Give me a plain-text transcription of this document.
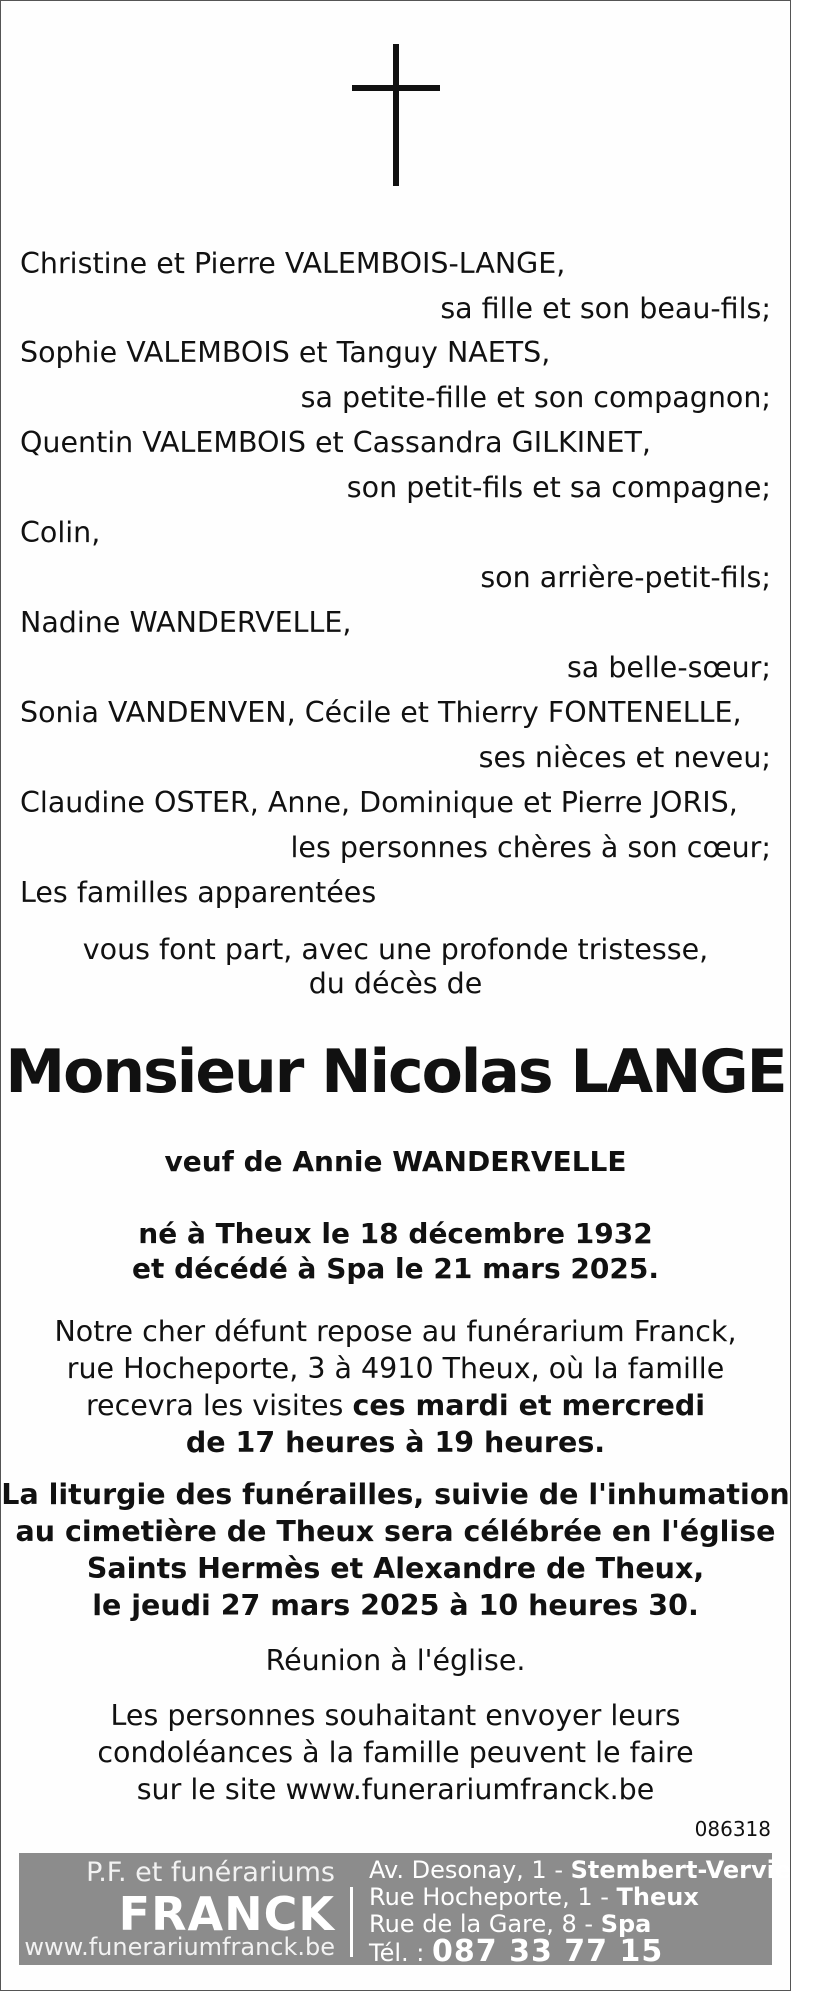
Christine et Pierre VALEMBOIS-LANGE,
sa fille et son beau-fils;
Sophie VALEMBOIS et Tanguy NAETS,
sa petite-fille et son compagnon;
Quentin VALEMBOIS et Cassandra GILKINET,
son petit-fils et sa compagne;
Colin,
son arrière-petit-fils;
Nadine WANDERVELLE,
sa belle-sœur;
Sonia VANDENVEN, Cécile et Thierry FONTENELLE,
ses nièces et neveu;
Claudine OSTER, Anne, Dominique et Pierre JORIS,
les personnes chères à son cœur;
Les familles apparentées
vous font part, avec une profonde tristesse,
du décès de
Monsieur Nicolas LANGE
veuf de Annie WANDERVELLE
né à Theux le 18 décembre 1932
et décédé à Spa le 21 mars 2025.
Notre cher défunt repose au funérarium Franck,
rue Hocheporte, 3 à 4910 Theux, où la famille
recevra les visites ces mardi et mercredi
de 17 heures à 19 heures.
La liturgie des funérailles, suivie de l'inhumation
au cimetière de Theux sera célébrée en l'église
Saints Hermès et Alexandre de Theux,
le jeudi 27 mars 2025 à 10 heures 30.
Réunion à l'église.
Les personnes souhaitant envoyer leurs
condoléances à la famille peuvent le faire
sur le site www.funerariumfranck.be
086318
P.F. et funérariums
FRANCK
www.funerariumfranck.be
Av. Desonay, 1 - Stembert-Verviers
Rue Hocheporte, 1 - Theux
Rue de la Gare, 8 - Spa
Tél. : 087 33 77 15
